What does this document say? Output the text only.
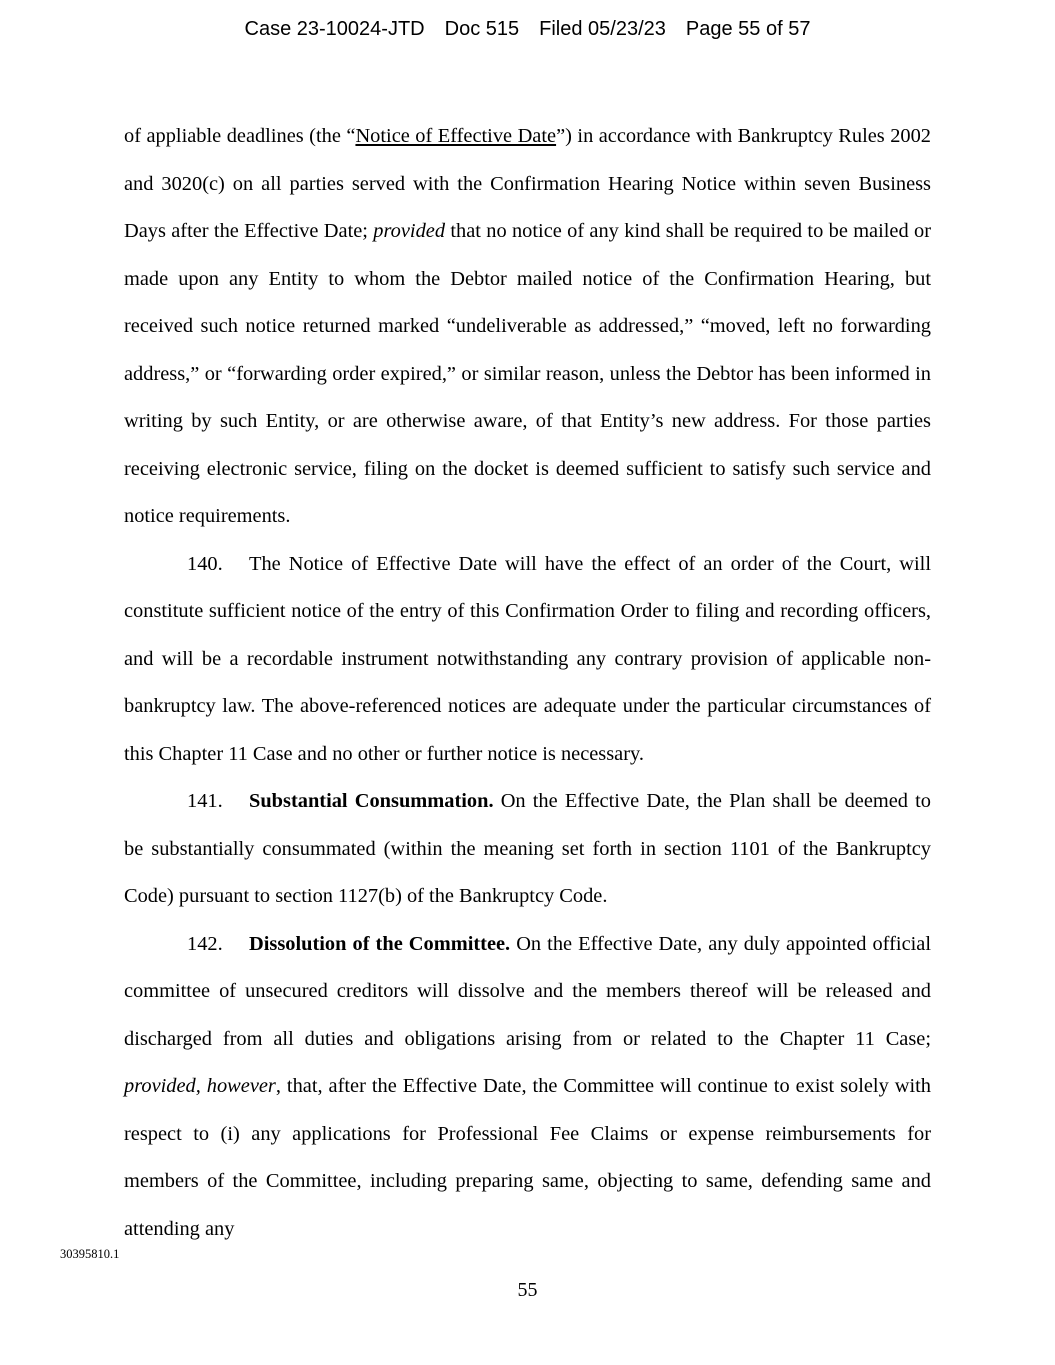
Case 23-10024-JTD Doc 515 Filed 05/23/23 Page 55 of 57

of appliable deadlines (the “Notice of Effective Date”) in accordance with Bankruptcy Rules 2002 and 3020(c) on all parties served with the Confirmation Hearing Notice within seven Business Days after the Effective Date; provided that no notice of any kind shall be required to be mailed or made upon any Entity to whom the Debtor mailed notice of the Confirmation Hearing, but received such notice returned marked “undeliverable as addressed,” “moved, left no forwarding address,” or “forwarding order expired,” or similar reason, unless the Debtor has been informed in writing by such Entity, or are otherwise aware, of that Entity’s new address. For those parties receiving electronic service, filing on the docket is deemed sufficient to satisfy such service and notice requirements.

140. The Notice of Effective Date will have the effect of an order of the Court, will constitute sufficient notice of the entry of this Confirmation Order to filing and recording officers, and will be a recordable instrument notwithstanding any contrary provision of applicable non-bankruptcy law. The above-referenced notices are adequate under the particular circumstances of this Chapter 11 Case and no other or further notice is necessary.

141. Substantial Consummation. On the Effective Date, the Plan shall be deemed to be substantially consummated (within the meaning set forth in section 1101 of the Bankruptcy Code) pursuant to section 1127(b) of the Bankruptcy Code.

142. Dissolution of the Committee. On the Effective Date, any duly appointed official committee of unsecured creditors will dissolve and the members thereof will be released and discharged from all duties and obligations arising from or related to the Chapter 11 Case; provided, however, that, after the Effective Date, the Committee will continue to exist solely with respect to (i) any applications for Professional Fee Claims or expense reimbursements for members of the Committee, including preparing same, objecting to same, defending same and attending any

30395810.1
55
